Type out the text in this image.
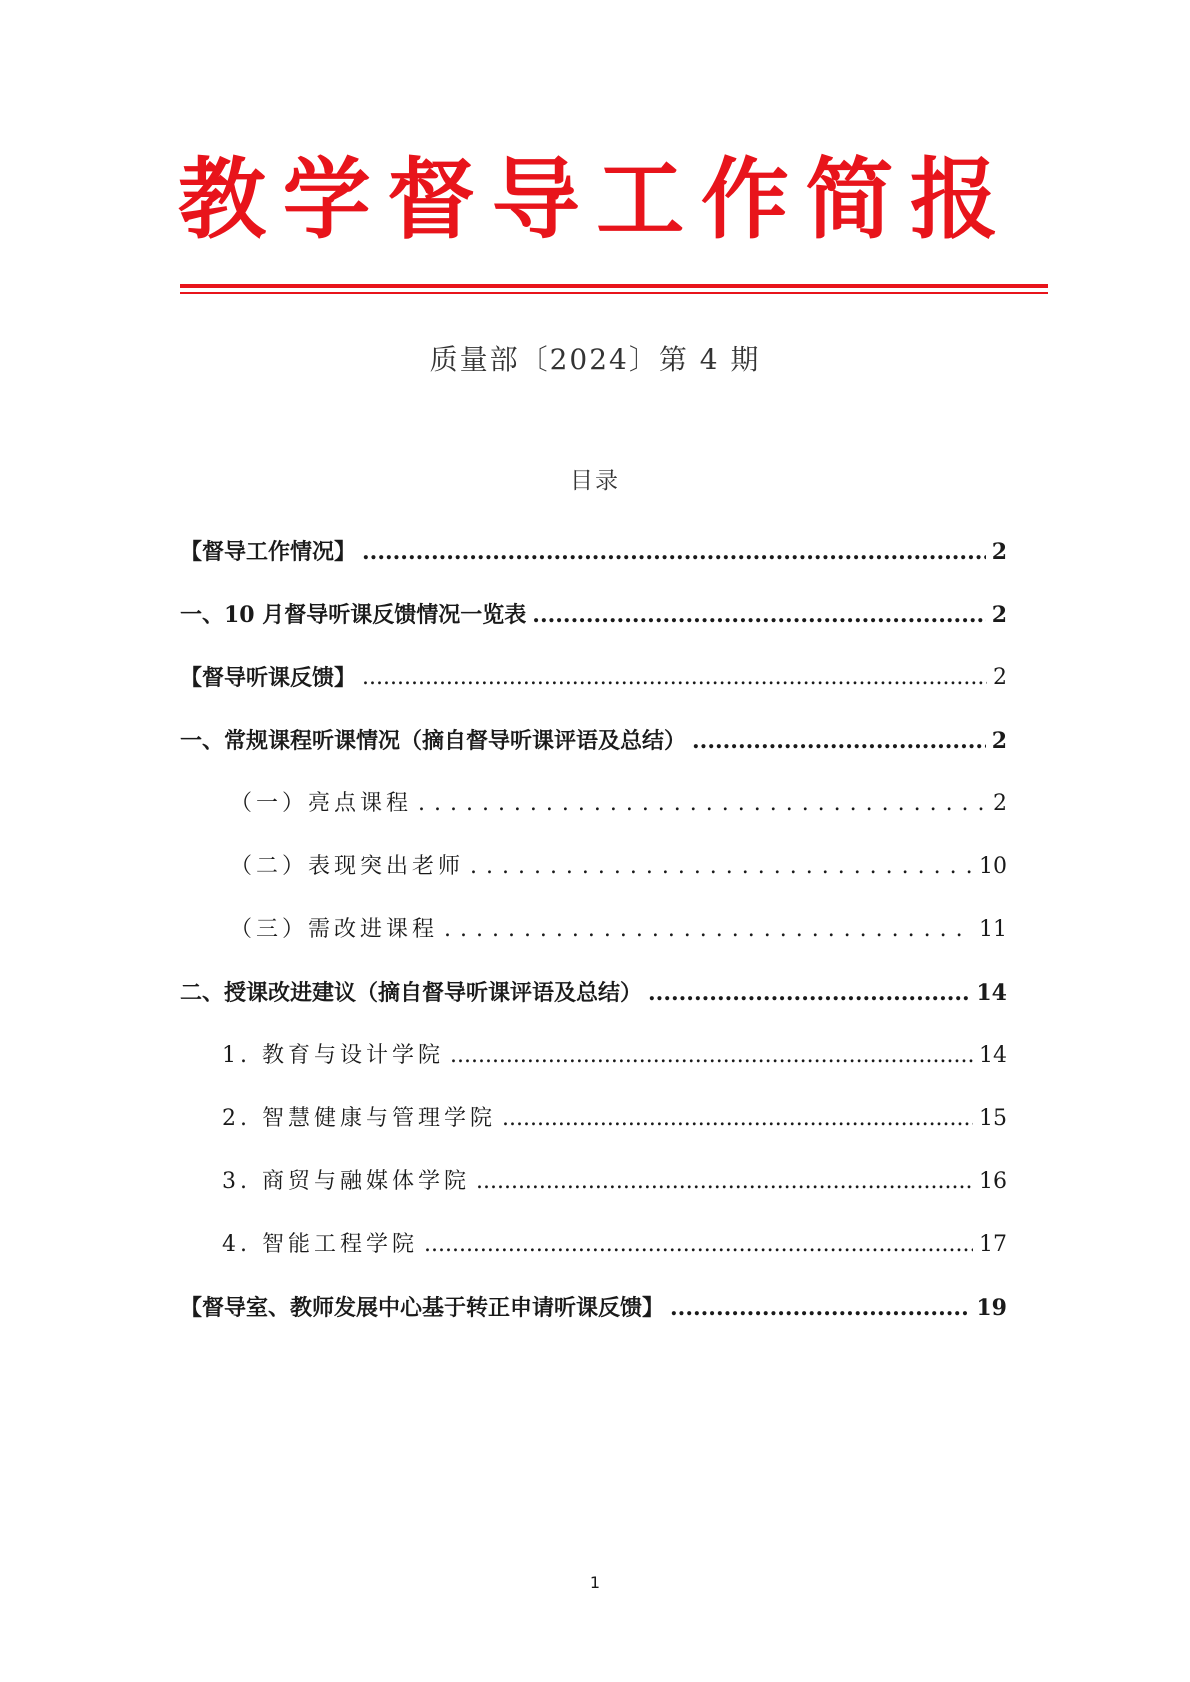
教 学 督 导 工 作 简 报
质量部〔2024〕第 4 期
目录
【督导工作情况】 .....	2
一、10 月督导听课反馈情况一览表 .....	2
【督导听课反馈】 .....	2
一、常规课程听课情况（摘自督导听课评语及总结） .....	2
（一）亮点课程 . . .	2
（二）表现突出老师 . . .	10
（三）需改进课程 . . .	11
二、授课改进建议（摘自督导听课评语及总结） .....	14
1. 教育与设计学院 .....	14
2. 智慧健康与管理学院 .....	15
3. 商贸与融媒体学院 .....	16
4. 智能工程学院 .....	17
【督导室、教师发展中心基于转正申请听课反馈】 .....	19
1
